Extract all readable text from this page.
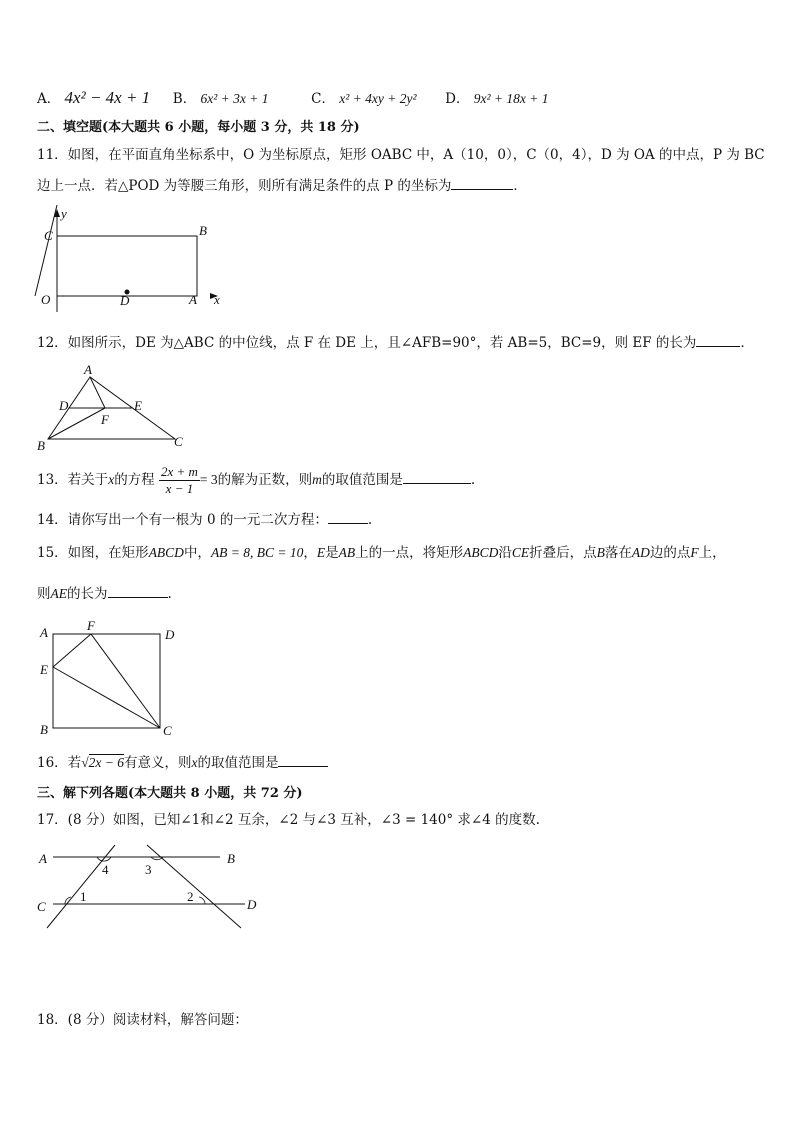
A． 4x² − 4x + 1 B． 6x² + 3x + 1	C． x² + 4xy + 2y² D． 9x² + 18x + 1
二、填空题(本大题共 6 小题，每小题 3 分，共 18 分)
11．如图，在平面直角坐标系中，O 为坐标原点，矩形 OABC 中，A（10，0），C（0，4），D 为 OA 的中点，P 为 BC
边上一点．若△POD 为等腰三角形，则所有满足条件的点 P 的坐标为	．
y
x
C	B
O	D	A
12．如图所示，DE 为△ABC 的中位线，点 F 在 DE 上，且∠AFB=90°，若 AB=5，BC=9，则 EF 的长为	．
A
D	E
F
B	C
13．若关于x的方程 $\frac{2x + m}{x - 1} = 3$的解为正数，则m的取值范围是	.
14．请你写出一个有一根为 0 的一元二次方程：	.
15．如图，在矩形ABCD中，AB = 8, BC = 10，E是AB上的一点，将矩形ABCD沿CE折叠后，点B落在AD边的点F上，
则AE的长为	.
A	F
D
E
B	C
16．若√2x − 6有意义，则x的取值范围是
三、解下列各题(本大题共 8 小题，共 72 分)
17．(8 分）如图，已知∠1和∠2 互余，∠2 与∠3 互补，∠3 = 140° 求∠4 的度数.
A	B
C	D
1	2
3
4
18．(8 分）阅读材料，解答问题：
